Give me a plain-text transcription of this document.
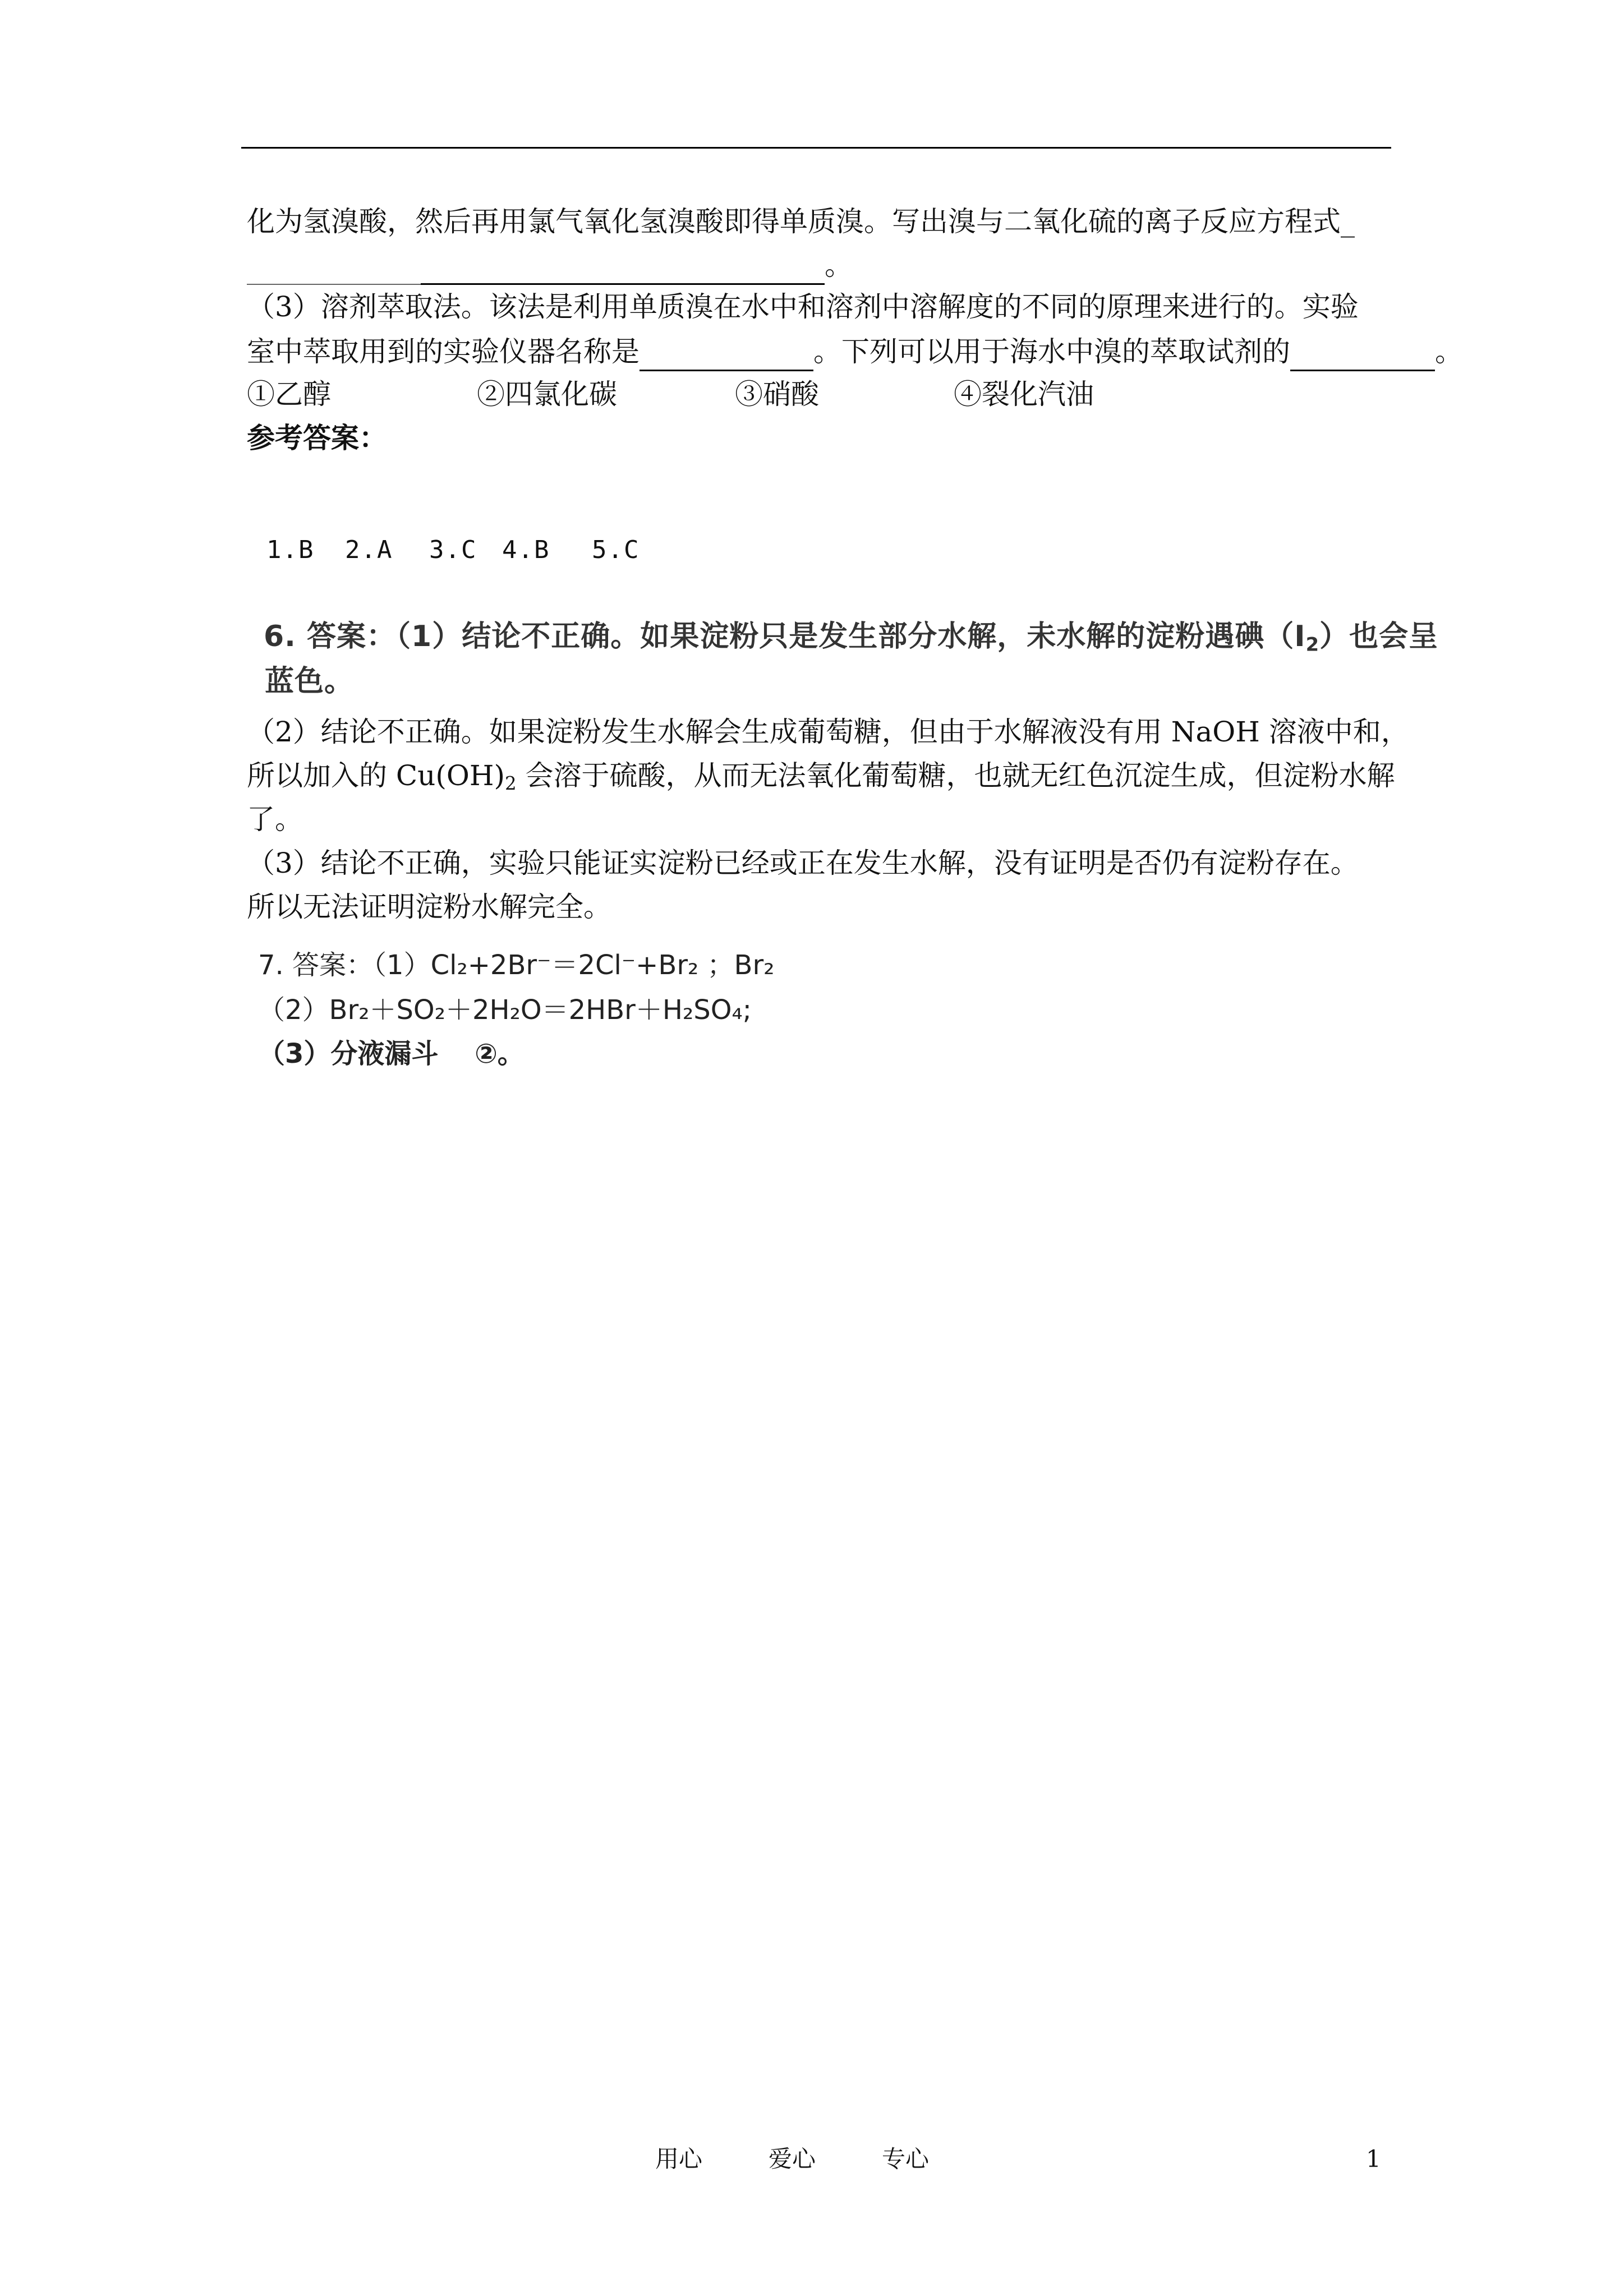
化为氢溴酸，然后再用氯气氧化氢溴酸即得单质溴。写出溴与二氧化硫的离子反应方程式_
。
（3）溶剂萃取法。该法是利用单质溴在水中和溶剂中溶解度的不同的原理来进行的。实验
室中萃取用到的实验仪器名称是	。下列可以用于海水中溴的萃取试剂的	。
①乙醇	②四氯化碳	③硝酸	④裂化汽油
参考答案：
1.B 2.A 3.C 4.B 5.C
6. 答案：（1）结论不正确。如果淀粉只是发生部分水解，未水解的淀粉遇碘$(I_2)$也会呈
蓝色。
（2）结论不正确。如果淀粉发生水解会生成葡萄糖，但由于水解液没有用 NaOH 溶液中和，
所以加入的 $Cu(OH)_2$ 会溶于硫酸，从而无法氧化葡萄糖，也就无红色沉淀生成，但淀粉水解
了。
（3）结论不正确，实验只能证实淀粉已经或正在发生水解，没有证明是否仍有淀粉存在。
所以无法证明淀粉水解完全。
7. 答案：（1）Cl₂+2Br⁻＝2Cl⁻+Br₂ ；Br₂
（2）Br₂＋SO₂＋2H₂O＝2HBr＋H₂SO₄;
（3）分液漏斗　 ②。
用心	爱心	专心	1
